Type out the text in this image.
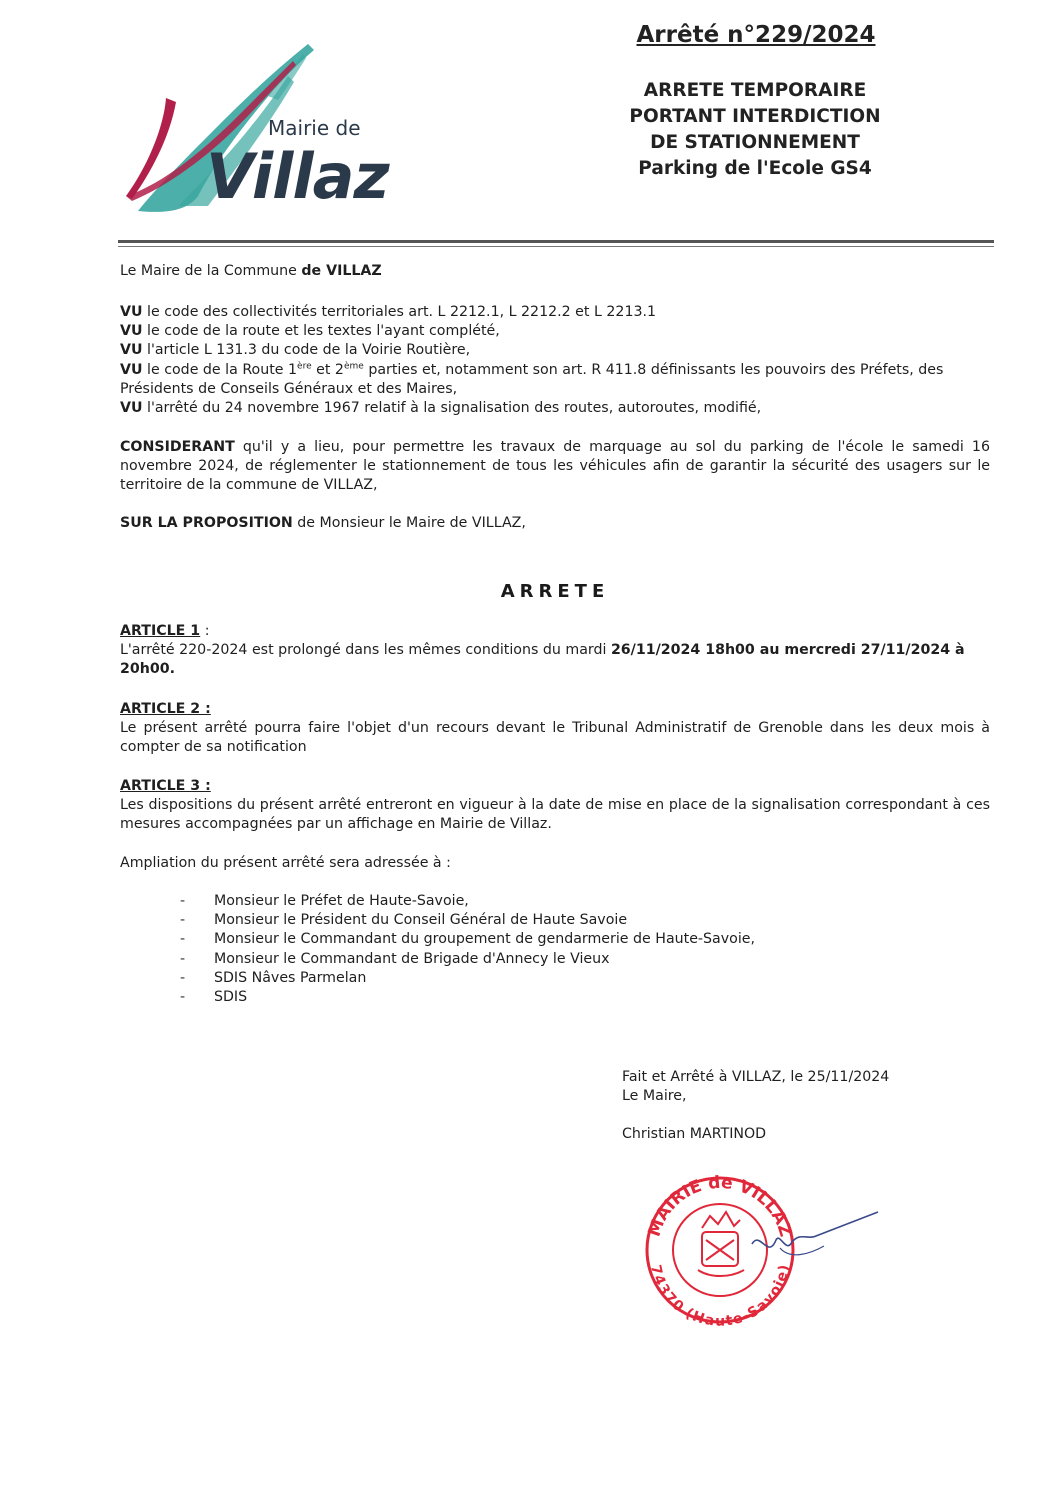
Mairie de
Villaz
Arrêté n°229/2024
ARRETE TEMPORAIRE
PORTANT INTERDICTION
DE STATIONNEMENT
Parking de l'Ecole GS4
Le Maire de la Commune de VILLAZ
VU le code des collectivités territoriales art. L 2212.1, L 2212.2 et L 2213.1
VU le code de la route et les textes l'ayant complété,
VU l'article L 131.3 du code de la Voirie Routière,
VU le code de la Route 1ère et 2ème parties et, notamment son art. R 411.8 définissants les pouvoirs des Préfets, des Présidents de Conseils Généraux et des Maires,
VU l'arrêté du 24 novembre 1967 relatif à la signalisation des routes, autoroutes, modifié,
CONSIDERANT qu'il y a lieu, pour permettre les travaux de marquage au sol du parking de l'école le samedi 16 novembre 2024, de réglementer le stationnement de tous les véhicules afin de garantir la sécurité des usagers sur le territoire de la commune de VILLAZ,
SUR LA PROPOSITION de Monsieur le Maire de VILLAZ,
ARRETE
ARTICLE 1 :
L'arrêté 220-2024 est prolongé dans les mêmes conditions du mardi 26/11/2024 18h00 au mercredi 27/11/2024 à 20h00.
ARTICLE 2 :
Le présent arrêté pourra faire l'objet d'un recours devant le Tribunal Administratif de Grenoble dans les deux mois à compter de sa notification
ARTICLE 3 :
Les dispositions du présent arrêté entreront en vigueur à la date de mise en place de la signalisation correspondant à ces mesures accompagnées par un affichage en Mairie de Villaz.
Ampliation du présent arrêté sera adressée à :
-	Monsieur le Préfet de Haute-Savoie,
-	Monsieur le Président du Conseil Général de Haute Savoie
-	Monsieur le Commandant du groupement de gendarmerie de Haute-Savoie,
-	Monsieur le Commandant de Brigade d'Annecy le Vieux
-	SDIS Nâves Parmelan
-	SDIS
Fait et Arrêté à VILLAZ, le 25/11/2024
Le Maire,
Christian MARTINOD
MAIRIE de VILLAZ
74370 (Haute-Savoie)
